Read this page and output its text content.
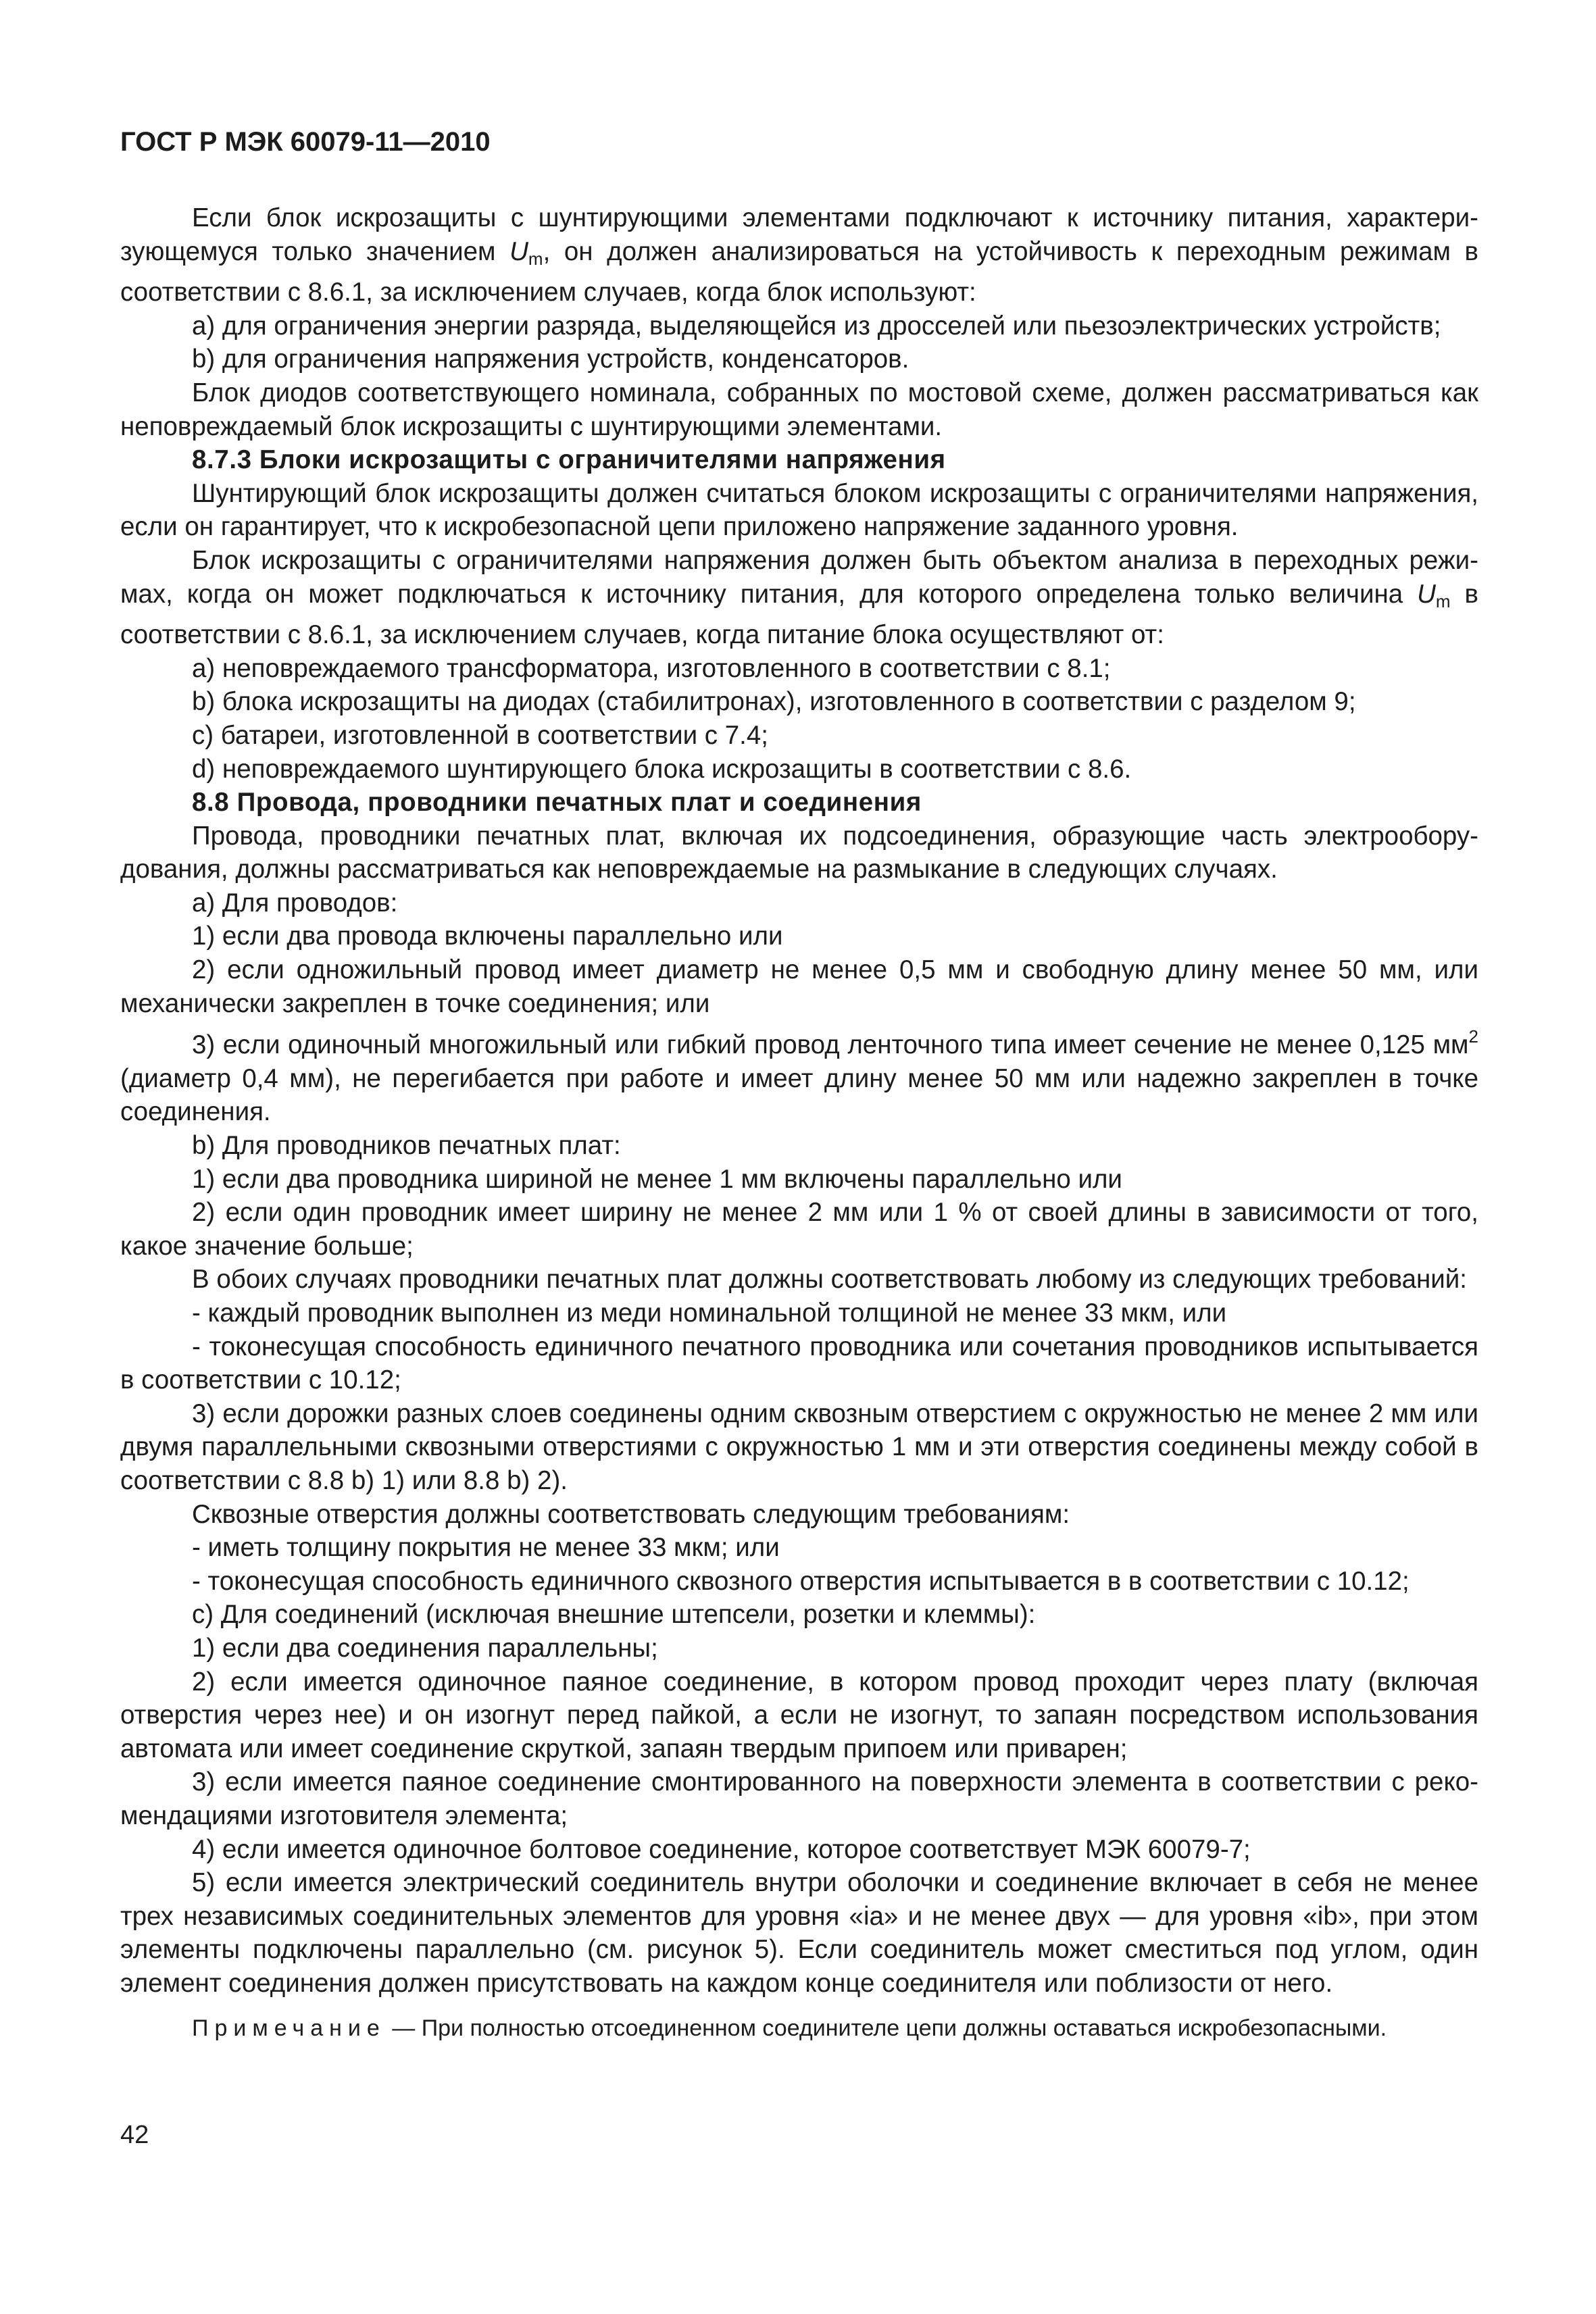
ГОСТ Р МЭК 60079-11—2010

Если блок искрозащиты с шунтирующими элементами подключают к источнику питания, характеризующемуся только значением $U_m$, он должен анализироваться на устойчивость к переходным режимам в соответствии с 8.6.1, за исключением случаев, когда блок используют:

a) для ограничения энергии разряда, выделяющейся из дросселей или пьезоэлектрических устройств;

b) для ограничения напряжения устройств, конденсаторов.

Блок диодов соответствующего номинала, собранных по мостовой схеме, должен рассматриваться как неповреждаемый блок искрозащиты с шунтирующими элементами.

8.7.3 Блоки искрозащиты с ограничителями напряжения

Шунтирующий блок искрозащиты должен считаться блоком искрозащиты с ограничителями напряжения, если он гарантирует, что к искробезопасной цепи приложено напряжение заданного уровня.

Блок искрозащиты с ограничителями напряжения должен быть объектом анализа в переходных режимах, когда он может подключаться к источнику питания, для которого определена только величина $U_m$ в соответствии с 8.6.1, за исключением случаев, когда питание блока осуществляют от:

a) неповреждаемого трансформатора, изготовленного в соответствии с 8.1;

b) блока искрозащиты на диодах (стабилитронах), изготовленного в соответствии с разделом 9;

c) батареи, изготовленной в соответствии с 7.4;

d) неповреждаемого шунтирующего блока искрозащиты в соответствии с 8.6.

8.8 Провода, проводники печатных плат и соединения

Провода, проводники печатных плат, включая их подсоединения, образующие часть электрооборудования, должны рассматриваться как неповреждаемые на размыкание в следующих случаях.

a) Для проводов:

1) если два провода включены параллельно или

2) если одножильный провод имеет диаметр не менее 0,5 мм и свободную длину менее 50 мм, или механически закреплен в точке соединения; или

3) если одиночный многожильный или гибкий провод ленточного типа имеет сечение не менее 0,125 $мм^2$ (диаметр 0,4 мм), не перегибается при работе и имеет длину менее 50 мм или надежно закреплен в точке соединения.

b) Для проводников печатных плат:

1) если два проводника шириной не менее 1 мм включены параллельно или

2) если один проводник имеет ширину не менее 2 мм или 1 % от своей длины в зависимости от того, какое значение больше;

В обоих случаях проводники печатных плат должны соответствовать любому из следующих требований:

- каждый проводник выполнен из меди номинальной толщиной не менее 33 мкм, или

- токонесущая способность единичного печатного проводника или сочетания проводников испытывается в соответствии с 10.12;

3) если дорожки разных слоев соединены одним сквозным отверстием с окружностью не менее 2 мм или двумя параллельными сквозными отверстиями с окружностью 1 мм и эти отверстия соединены между собой в соответствии с 8.8 b) 1) или 8.8 b) 2).

Сквозные отверстия должны соответствовать следующим требованиям:

- иметь толщину покрытия не менее 33 мкм; или

- токонесущая способность единичного сквозного отверстия испытывается в в соответствии с 10.12;

c) Для соединений (исключая внешние штепсели, розетки и клеммы):

1) если два соединения параллельны;

2) если имеется одиночное паяное соединение, в котором провод проходит через плату (включая отверстия через нее) и он изогнут перед пайкой, а если не изогнут, то запаян посредством использования автомата или имеет соединение скруткой, запаян твердым припоем или приварен;

3) если имеется паяное соединение смонтированного на поверхности элемента в соответствии с рекомендациями изготовителя элемента;

4) если имеется одиночное болтовое соединение, которое соответствует МЭК 60079-7;

5) если имеется электрический соединитель внутри оболочки и соединение включает в себя не менее трех независимых соединительных элементов для уровня «ia» и не менее двух — для уровня «ib», при этом элементы подключены параллельно (см. рисунок 5). Если соединитель может сместиться под углом, один элемент соединения должен присутствовать на каждом конце соединителя или поблизости от него.

Примечание — При полностью отсоединенном соединителе цепи должны оставаться искробезопасными.

42
